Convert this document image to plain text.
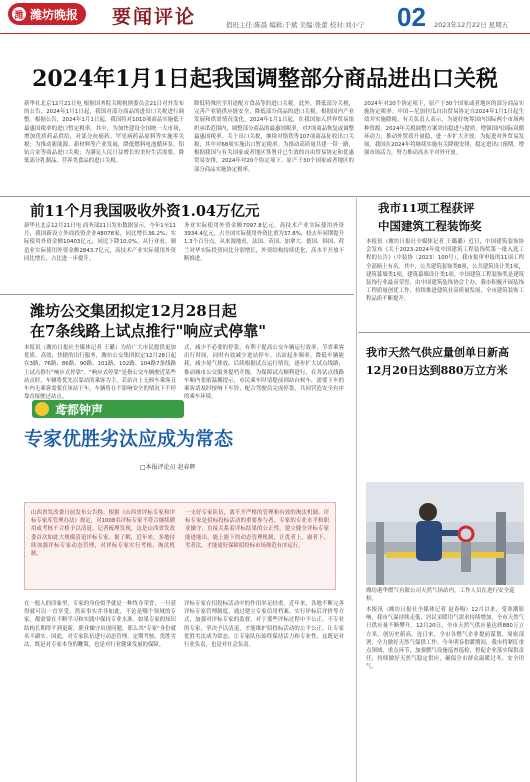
潍 潍坊晚报 要闻评论	值班主任:陈晨 编辑:于斌 美编:张蕾 校对:刘小宁 02 2023年12月22日 星期五
2024年1月1日起我国调整部分商品进出口关税
新华社北京12月21日电 根据国务院关税税则委员会21日对外发布的公告，2024年1月1日起，我国对部分商品的进出口关税进行调整。根据公告，2024年1月1日起，我国将对1010项商品实施低于最惠国税率的进口暂定税率。其中，为加快建设全国统一大市场，增加优质药品供给，对部分抗癌药、罕见病药品原料等实施零关税；为推动新能源、新材料等产业发展，降低燃料电池循环泵、铝钪合金等商品进口关税；为满足人民日益增长的美好生活需要，降低部分乳制品、营养类食品的进口关税。
降低特殊医学用途配方食品等的进口关税。此外，降低部分关税，完善产业链供应链安全，降低部分商品的进口关税。根据国内产业发展和供需情况变化，2024年1月1日起，在我国加入世界贸易组织承诺范围内，调整部分商品的最惠国税率，对7项商品恢复或调整最惠国税率。关于出口关税，继续对铬铁等107项商品征收出口关税，其中对68项实施出口暂定税率。为推动高质量共建一带一路，根据我国与有关国家或者地区签署并已生效的自由贸易协定和优惠贸易安排，2024年对20个协定项下、原产于30个国家或者地区的部分商品实施协定税率。
2024年对20个协定项下，原产于30个国家或者地区的部分商品实施协定税率。中国—尼加拉瓜自由贸易协定自2024年1月1日起生效并实施降税。有关负责人表示，为更好统筹国内国际两个市场两种资源，2024年关税调整方案突出稳进与提质，增强国内国际双循环动力，推动外贸质升量稳，进一步扩大开放。为促进对外贸易发展，我国在2024年将继续实施有关降税安排，稳定进出口预期，增强市场活力，努力推动高水平对外开放。
前11个月我国吸收外资1.04万亿元
新华社北京12月21日电 商务部21日发布数据显示，今年1至11月，我国新设立外商投资企业48078家，同比增长36.2%；实际使用外资金额10403亿元，同比下降10.0%。从行业看，制造业实际使用外资金额2843.7亿元，高技术产业实际使用外资同比增长，占比进一步提升。
务业实际使用外资金额7097.8亿元。高技术产业实际使用外资3934.4亿元，占全国实际使用外资比重为37.8%，较去年同期提升1.3个百分点。从来源地看，法国、英国、加拿大、德国、韩国、荷兰对华实际投资同比分别增长，外资结构持续优化，高水平开放不断推进。
潍坊公交集团拟定12月28日起
在7条线路上试点推行"响应式停靠"
本报讯（潍坊日报社全媒体记者 王璐）为给广大市民提供更加优质、高效、快捷的出行服务，潍坊公交集团拟定12月28日起在3路、76路、86路、90路、101路、102路、104路7条线路上试点推行"响应式停靠"。"响应式停靠"是指公交车辆驶近某些站点时，车辆将优先以靠站的乘客为主，若站台上无候车乘客且车内无乘客需要在该站下车，车辆将在不影响安全的情况下不停靠直接驶过站点。
式，减少不必要的停靠，有利于提高公交车辆运行效率，节省乘客出行时间，同时有效减少进站停车、出站起步频率，降低车辆能耗，减少尾气排放。后续根据试点运行情况，逐步扩大试点线路，推动城市公交服务提档升级。为保障试点顺利进行，在各试点线路车厢内张贴温馨提示，市民乘车时请提前到站台候车，需要下车的乘客请及时按响下车铃，配合驾驶员完成停靠，共同营造安全有序的乘车环境。
我市11项工程获评
中国建筑工程装饰奖
本报讯（潍坊日报社全媒体记者 王璐璐）近日，中国建筑装饰协会发布《关于2023-2024年度中国建筑工程装饰奖第一批入选工程的公告》（中装协〔2023〕100号），我市报审申报的11项工程全部榜上有名。其中，公共建筑装饰类8项，公共建筑设计类1项，建筑幕墙类1项，建筑幕墙设计类1项。中国建筑工程装饰奖是建筑装饰行业最高荣誉，由中国建筑装饰协会主办。我市积极开展装饰工程质量创优工作，持续推进建筑业高质量发展，全市建筑装饰工程品质不断提升。
我市天然气供应量创单日新高
12月20日达到880万立方米
潍坊港华燃气有限公司天然气场站内，工作人员在进行安全巡检。
本报讯（潍坊日报社全媒体记者 赵春梅）12月以来，受寒潮影响，我市气温持续走低，居民采暖用气需求持续增加，全市天然气日供应量不断攀升。12月20日，全市天然气供应量达到880万立方米，创历史新高。连日来，全市各燃气企业提前谋划、周密部署，全力做好天然气保供工作。今冬明春供暖期间，我市将紧盯重点领域、重点环节，加强燃气设施巡查巡检，督促企业落实保供责任，持续做好天然气稳定供应，确保全市群众温暖过冬、安全用气。
鸢都钟声
专家优胜劣汰应成为常态
□本报评论员 赵春晖
山西省发改委日前发布公告称，根据《山西省评标专家和评标专家库管理办法》规定，对1008名评标专家不符合继续聘用或考核不合格予以清退。记者梳理发现，这是山西省发改委首次如此大规模清退评标专家。据了解，近年来，多地持续加强评标专家动态管理，对评标专家实行考核、淘汰机制。
一支好专家队伍，离不开严格的管理和有效的淘汰机制。评标专家是招标投标活动的重要参与者，专家的专业水平和职业操守，直接关系着评标结果的公正性。建立健全评标专家能进能出、能上能下的动态管理机制，让优者上、庸者下、劣者汰，才能更好保障招投标市场规范有序运行。
在一般人的印象里，专家的身份似乎就是一种终身荣誉，一旦获得就可以一直享受。然而事实并非如此，不论是哪个领域的专家，都需要在不断学习和实践中保持专业水准。如果专家的知识结构长期得不到更新，职业操守出现问题，那么其"专家"身份就名不副实。因此，对专家队伍进行动态管理，定期考核、优胜劣汰，既是对专家本身的鞭策，也是对行业健康发展的保障。
评标专家在招投标活动中的作用举足轻重。近年来，各地不断完善评标专家管理制度，通过建立专家信用档案、实行评标后评价等方式，加强对评标专家的监督。对于那些评标过程中不公正、不专业的专家，坚决予以清退，才能维护招投标活动的公平公正。让专家优胜劣汰成为常态，让专家队伍始终保持活力和专业性，这既是对行业负责，也是对社会负责。
